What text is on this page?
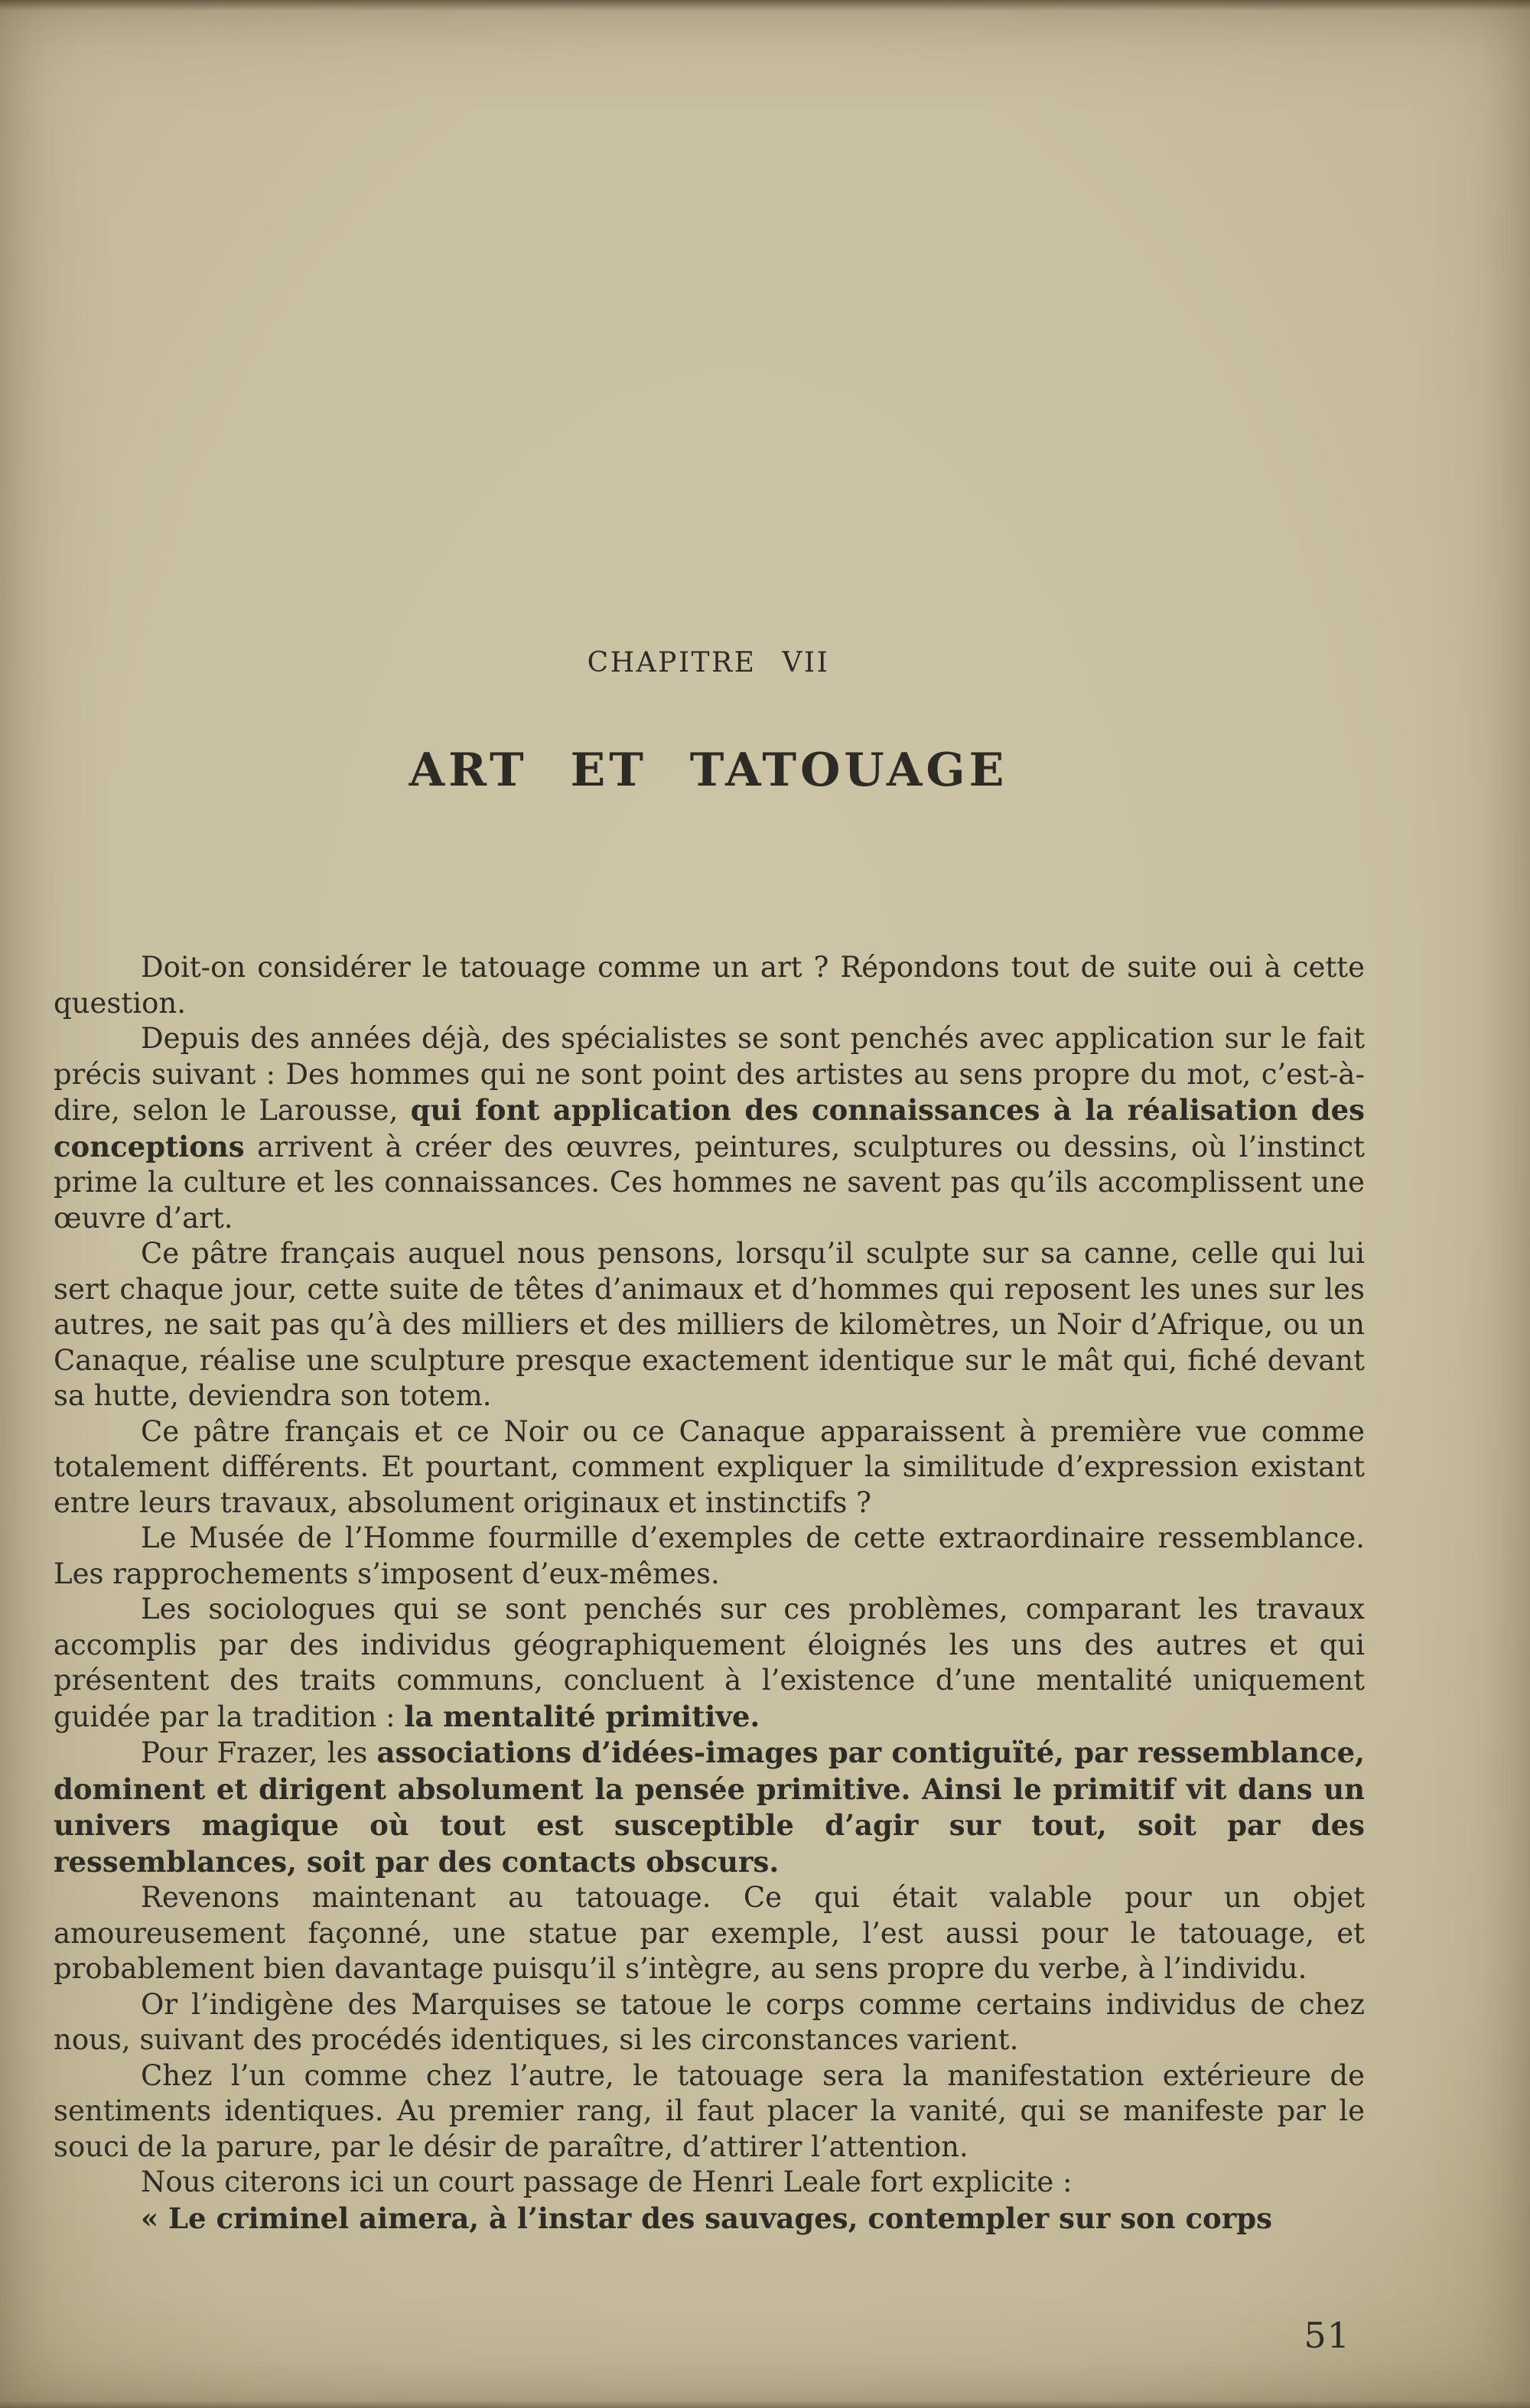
CHAPITRE VII
ART ET TATOUAGE

Doit-on considérer le tatouage comme un art ? Répondons tout de suite oui à cette question.

Depuis des années déjà, des spécialistes se sont penchés avec application sur le fait précis suivant : Des hommes qui ne sont point des artistes au sens propre du mot, c’est-à-dire, selon le Larousse, qui font application des connaissances à la réalisation des conceptions arrivent à créer des œuvres, peintures, sculptures ou dessins, où l’instinct prime la culture et les connaissances. Ces hommes ne savent pas qu’ils accomplissent une œuvre d’art.

Ce pâtre français auquel nous pensons, lorsqu’il sculpte sur sa canne, celle qui lui sert chaque jour, cette suite de têtes d’animaux et d’hommes qui reposent les unes sur les autres, ne sait pas qu’à des milliers et des milliers de kilomètres, un Noir d’Afrique, ou un Canaque, réalise une sculpture presque exactement identique sur le mât qui, fiché devant sa hutte, deviendra son totem.

Ce pâtre français et ce Noir ou ce Canaque apparaissent à première vue comme totalement différents. Et pourtant, comment expliquer la similitude d’expression existant entre leurs travaux, absolument originaux et instinctifs ?

Le Musée de l’Homme fourmille d’exemples de cette extraordinaire ressemblance. Les rapprochements s’imposent d’eux-mêmes.

Les sociologues qui se sont penchés sur ces problèmes, comparant les travaux accomplis par des individus géographiquement éloignés les uns des autres et qui présentent des traits communs, concluent à l’existence d’une mentalité uniquement guidée par la tradition : la mentalité primitive.

Pour Frazer, les associations d’idées-images par contiguïté, par ressemblance, dominent et dirigent absolument la pensée primitive. Ainsi le primitif vit dans un univers magique où tout est susceptible d’agir sur tout, soit par des ressemblances, soit par des contacts obscurs.

Revenons maintenant au tatouage. Ce qui était valable pour un objet amoureusement façonné, une statue par exemple, l’est aussi pour le tatouage, et probablement bien davantage puisqu’il s’intègre, au sens propre du verbe, à l’individu.

Or l’indigène des Marquises se tatoue le corps comme certains individus de chez nous, suivant des procédés identiques, si les circonstances varient.

Chez l’un comme chez l’autre, le tatouage sera la manifestation extérieure de sentiments identiques. Au premier rang, il faut placer la vanité, qui se manifeste par le souci de la parure, par le désir de paraître, d’attirer l’attention.

Nous citerons ici un court passage de Henri Leale fort explicite :

« Le criminel aimera, à l’instar des sauvages, contempler sur son corps

51
